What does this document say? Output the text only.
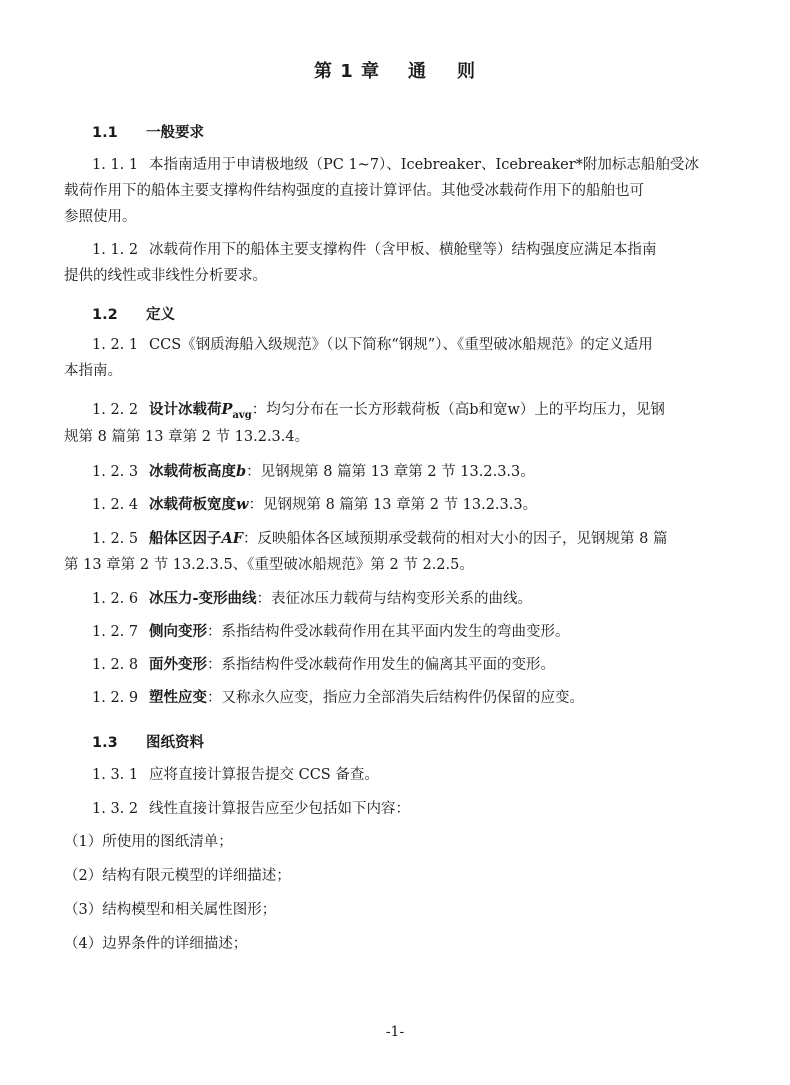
第 1 章 通 则
1.1 一般要求
1. 1. 1 本指南适用于申请极地级（PC 1~7）、Icebreaker、Icebreaker*附加标志船舶受冰
载荷作用下的船体主要支撑构件结构强度的直接计算评估。其他受冰载荷作用下的船舶也可
参照使用。
1. 1. 2 冰载荷作用下的船体主要支撑构件（含甲板、横舱壁等）结构强度应满足本指南
提供的线性或非线性分析要求。
1.2 定义
1. 2. 1 CCS《钢质海船入级规范》（以下简称“钢规”）、《重型破冰船规范》的定义适用
本指南。
1. 2. 2 设计冰载荷$P_{avg}$：均匀分布在一长方形载荷板（高b和宽w）上的平均压力，见钢
规第 8 篇第 13 章第 2 节 13.2.3.4。
1. 2. 3 冰载荷板高度b：见钢规第 8 篇第 13 章第 2 节 13.2.3.3。
1. 2. 4 冰载荷板宽度w：见钢规第 8 篇第 13 章第 2 节 13.2.3.3。
1. 2. 5 船体区因子AF：反映船体各区域预期承受载荷的相对大小的因子，见钢规第 8 篇
第 13 章第 2 节 13.2.3.5、《重型破冰船规范》第 2 节 2.2.5。
1. 2. 6 冰压力-变形曲线：表征冰压力载荷与结构变形关系的曲线。
1. 2. 7 侧向变形：系指结构件受冰载荷作用在其平面内发生的弯曲变形。
1. 2. 8 面外变形：系指结构件受冰载荷作用发生的偏离其平面的变形。
1. 2. 9 塑性应变：又称永久应变，指应力全部消失后结构件仍保留的应变。
1.3 图纸资料
1. 3. 1 应将直接计算报告提交 CCS 备查。
1. 3. 2 线性直接计算报告应至少包括如下内容：
（1）所使用的图纸清单；
（2）结构有限元模型的详细描述；
（3）结构模型和相关属性图形；
（4）边界条件的详细描述；
-1-
